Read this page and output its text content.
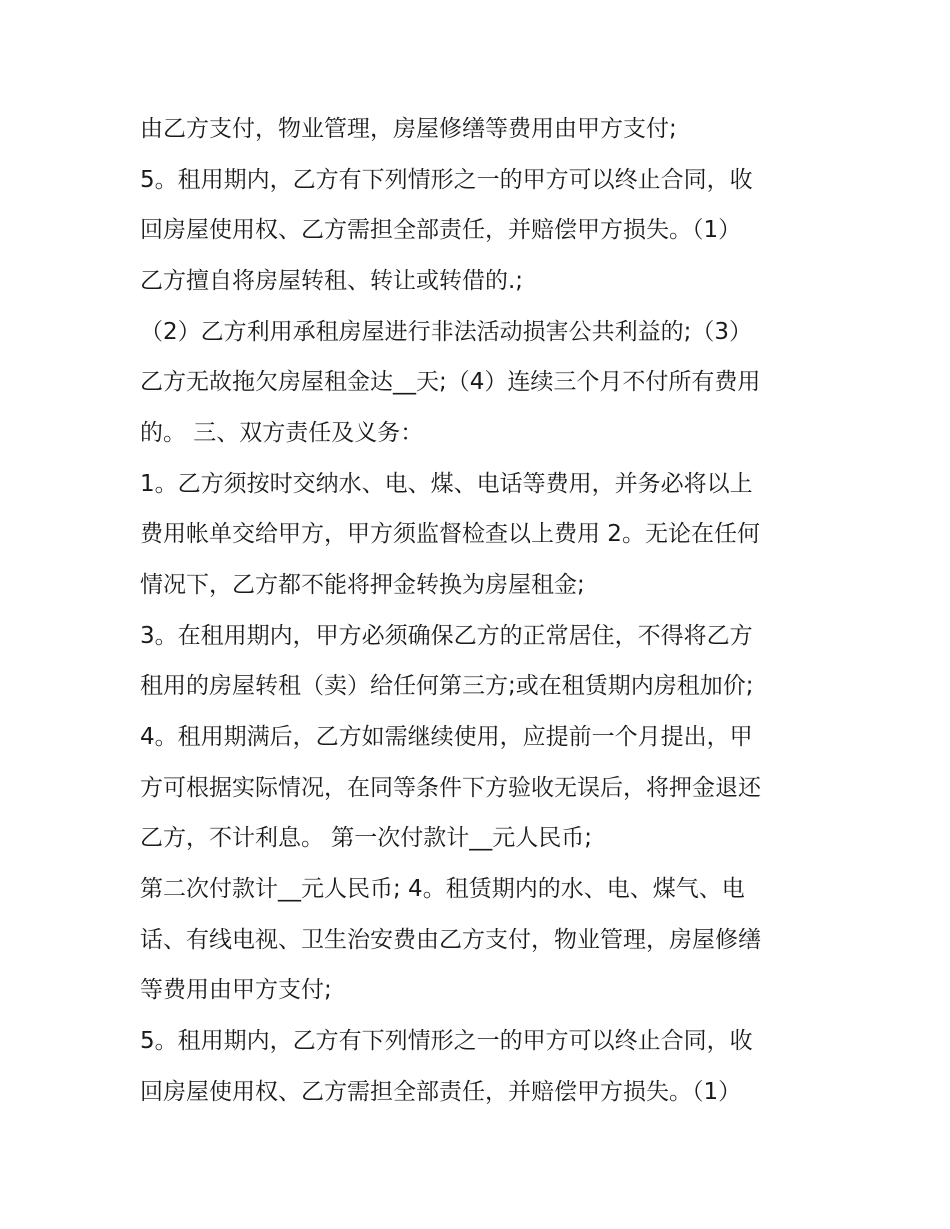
由乙方支付，物业管理，房屋修缮等费用由甲方支付;
5。租用期内，乙方有下列情形之一的甲方可以终止合同，收
回房屋使用权、乙方需担全部责任，并赔偿甲方损失。（1）
乙方擅自将房屋转租、转让或转借的.;
（2）乙方利用承租房屋进行非法活动损害公共利益的;（3）
乙方无故拖欠房屋租金达__天;（4）连续三个月不付所有费用
的。 三、双方责任及义务：
1。乙方须按时交纳水、电、煤、电话等费用，并务必将以上
费用帐单交给甲方，甲方须监督检查以上费用 2。无论在任何
情况下，乙方都不能将押金转换为房屋租金;
3。在租用期内，甲方必须确保乙方的正常居住，不得将乙方
租用的房屋转租（卖）给任何第三方;或在租赁期内房租加价;
4。租用期满后，乙方如需继续使用，应提前一个月提出，甲
方可根据实际情况，在同等条件下方验收无误后，将押金退还
乙方，不计利息。 第一次付款计__元人民币;
第二次付款计__元人民币; 4。租赁期内的水、电、煤气、电
话、有线电视、卫生治安费由乙方支付，物业管理，房屋修缮
等费用由甲方支付;
5。租用期内，乙方有下列情形之一的甲方可以终止合同，收
回房屋使用权、乙方需担全部责任，并赔偿甲方损失。（1）
